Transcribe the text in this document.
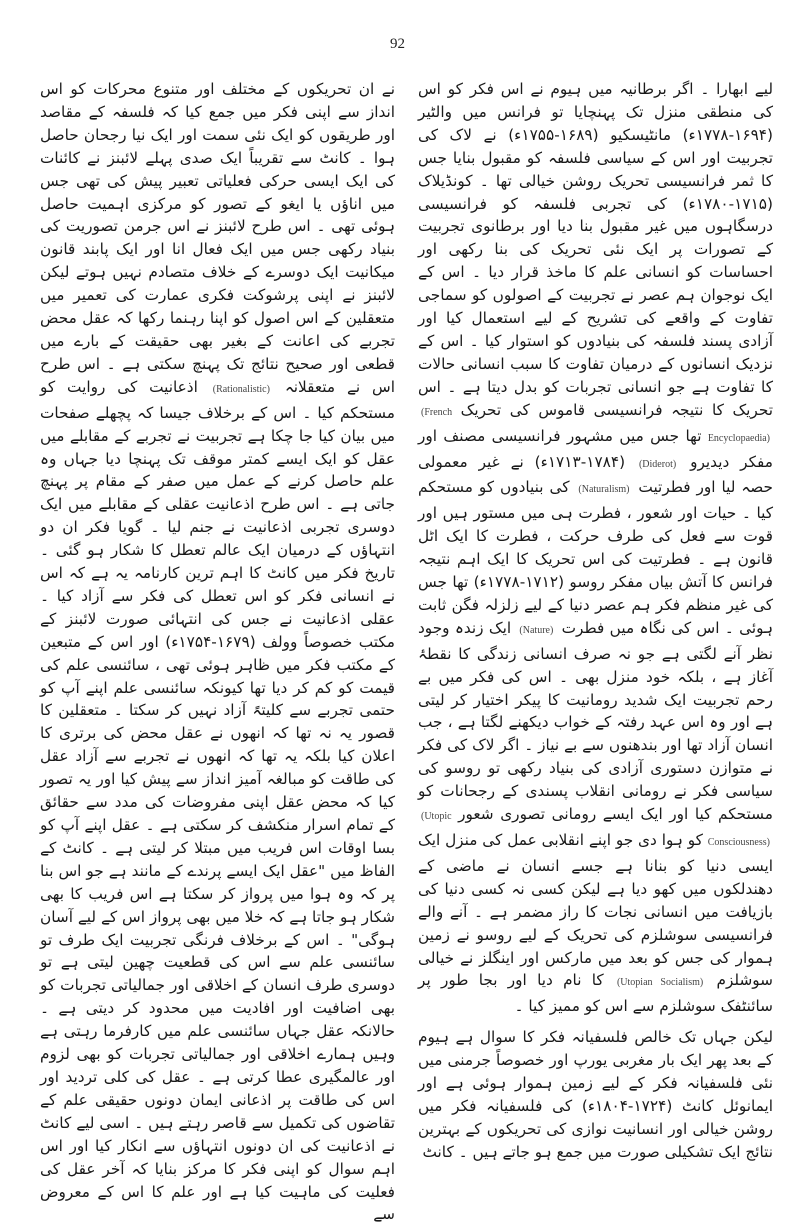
92

لیے ابھارا ۔ اگر برطانیہ میں ہیوم نے اس فکر کو اس کی منطقی منزل تک پہنچایا تو فرانس میں والٹیر (۱۶۹۴-۱۷۷۸ء) مانٹیسکیو (۱۶۸۹-۱۷۵۵ء) نے لاک کی تجربیت اور اس کے سیاسی فلسفہ کو مقبول بنایا جس کا ثمر فرانسیسی تحریک روشن خیالی تھا ۔ کونڈیلاک (۱۷۱۵-۱۷۸۰ء) کی تجربی فلسفہ کو فرانسیسی درسگاہوں میں غیر مقبول بنا دیا اور برطانوی تجربیت کے تصورات پر ایک نئی تحریک کی بنا رکھی اور احساسات کو انسانی علم کا ماخذ قرار دیا ۔ اس کے ایک نوجوان ہم عصر نے تجربیت کے اصولوں کو سماجی تفاوت کے واقعے کی تشریح کے لیے استعمال کیا اور آزادی پسند فلسفہ کی بنیادوں کو استوار کیا ۔ اس کے نزدیک انسانوں کے درمیان تفاوت کا سبب انسانی حالات کا تفاوت ہے جو انسانی تجربات کو بدل دیتا ہے ۔ اس تحریک کا نتیجہ فرانسیسی قاموس کی تحریک (French Encyclopaedia) تھا جس میں مشہور فرانسیسی مصنف اور مفکر دیدیرو (Diderot) (۱۷۱۳-۱۷۸۴ء) نے غیر معمولی حصہ لیا اور فطرتیت (Naturalism) کی بنیادوں کو مستحکم کیا ۔ حیات اور شعور ، فطرت ہی میں مستور ہیں اور قوت سے فعل کی طرف حرکت ، فطرت کا ایک اٹل قانون ہے ۔ فطرتیت کی اس تحریک کا ایک اہم نتیجہ فرانس کا آتش بیاں مفکر روسو (۱۷۱۲-۱۷۷۸ء) تھا جس کی غیر منظم فکر ہم عصر دنیا کے لیے زلزلہ فگن ثابت ہوئی ۔ اس کی نگاہ میں فطرت (Nature) ایک زندہ وجود نظر آنے لگتی ہے جو نہ صرف انسانی زندگی کا نقطۂ آغاز ہے ، بلکہ خود منزل بھی ۔ اس کی فکر میں بے رحم تجربیت ایک شدید رومانیت کا پیکر اختیار کر لیتی ہے اور وہ اس عہد رفتہ کے خواب دیکھنے لگتا ہے ، جب انسان آزاد تھا اور بندھنوں سے بے نیاز ۔ اگر لاک کی فکر نے متوازن دستوری آزادی کی بنیاد رکھی تو روسو کی سیاسی فکر نے رومانی انقلاب پسندی کے رجحانات کو مستحکم کیا اور ایک ایسے رومانی تصوری شعور (Utopic Consciousness) کو ہوا دی جو اپنے انقلابی عمل کی منزل ایک ایسی دنیا کو بنانا ہے جسے انسان نے ماضی کے دھندلکوں میں کھو دیا ہے لیکن کسی نہ کسی دنیا کی بازیافت میں انسانی نجات کا راز مضمر ہے ۔ آنے والے فرانسیسی سوشلزم کی تحریک کے لیے روسو نے زمین ہموار کی جس کو بعد میں مارکس اور اینگلز نے خیالی سوشلزم (Utopian Socialism) کا نام دیا اور بجا طور پر سائنٹفک سوشلزم سے اس کو ممیز کیا ۔

لیکن جہاں تک خالص فلسفیانہ فکر کا سوال ہے ہیوم کے بعد پھر ایک بار مغربی یورپ اور خصوصاً جرمنی میں نئی فلسفیانہ فکر کے لیے زمین ہموار ہوئی ہے اور ایمانوئل کانٹ (۱۷۲۴-۱۸۰۴ء) کی فلسفیانہ فکر میں روشن خیالی اور انسانیت نوازی کی تحریکوں کے بہترین نتائج ایک تشکیلی صورت میں جمع ہو جاتے ہیں ۔ کانٹ

نے ان تحریکوں کے مختلف اور متنوع محرکات کو اس انداز سے اپنی فکر میں جمع کیا کہ فلسفہ کے مقاصد اور طریقوں کو ایک نئی سمت اور ایک نیا رجحان حاصل ہوا ۔ کانٹ سے تقریباً ایک صدی پہلے لائبنز نے کائنات کی ایک ایسی حرکی فعلیاتی تعبیر پیش کی تھی جس میں اناؤں یا ایغو کے تصور کو مرکزی اہمیت حاصل ہوئی تھی ۔ اس طرح لائبنز نے اس جرمن تصوریت کی بنیاد رکھی جس میں ایک فعال انا اور ایک پابند قانون میکانیت ایک دوسرے کے خلاف متصادم نہیں ہوتے لیکن لائبنز نے اپنی پرشوکت فکری عمارت کی تعمیر میں متعقلین کے اس اصول کو اپنا رہنما رکھا کہ عقل محض تجربے کی اعانت کے بغیر بھی حقیقت کے بارے میں قطعی اور صحیح نتائج تک پہنچ سکتی ہے ۔ اس طرح اس نے متعقلانہ (Rationalistic) اذعانیت کی روایت کو مستحکم کیا ۔ اس کے برخلاف جیسا کہ پچھلے صفحات میں بیان کیا جا چکا ہے تجربیت نے تجربے کے مقابلے میں عقل کو ایک ایسے کمتر موقف تک پہنچا دیا جہاں وہ علم حاصل کرنے کے عمل میں صفر کے مقام پر پہنچ جاتی ہے ۔ اس طرح اذعانیت عقلی کے مقابلے میں ایک دوسری تجربی اذعانیت نے جنم لیا ۔ گویا فکر ان دو انتہاؤں کے درمیان ایک عالم تعطل کا شکار ہو گئی ۔ تاریخ فکر میں کانٹ کا اہم ترین کارنامہ یہ ہے کہ اس نے انسانی فکر کو اس تعطل کی فکر سے آزاد کیا ۔ عقلی اذعانیت نے جس کی انتہائی صورت لائبنز کے مکتب خصوصاً وولف (۱۶۷۹-۱۷۵۴ء) اور اس کے متبعین کے مکتب فکر میں ظاہر ہوئی تھی ، سائنسی علم کی قیمت کو کم کر دیا تھا کیونکہ سائنسی علم اپنے آپ کو حتمی تجربے سے کلیتہً آزاد نہیں کر سکتا ۔ متعقلین کا قصور یہ نہ تھا کہ انھوں نے عقل محض کی برتری کا اعلان کیا بلکہ یہ تھا کہ انھوں نے تجربے سے آزاد عقل کی طاقت کو مبالغہ آمیز انداز سے پیش کیا اور یہ تصور کیا کہ محض عقل اپنی مفروضات کی مدد سے حقائق کے تمام اسرار منکشف کر سکتی ہے ۔ عقل اپنے آپ کو بسا اوقات اس فریب میں مبتلا کر لیتی ہے ۔ کانٹ کے الفاظ میں "عقل ایک ایسے پرندے کے مانند ہے جو اس بنا پر کہ وہ ہوا میں پرواز کر سکتا ہے اس فریب کا بھی شکار ہو جاتا ہے کہ خلا میں بھی پرواز اس کے لیے آسان ہوگی" ۔ اس کے برخلاف فرنگی تجربیت ایک طرف تو سائنسی علم سے اس کی قطعیت چھین لیتی ہے تو دوسری طرف انسان کے اخلاقی اور جمالیاتی تجربات کو بھی اضافیت اور افادیت میں محدود کر دیتی ہے ۔ حالانکہ عقل جہاں سائنسی علم میں کارفرما رہتی ہے وہیں ہمارے اخلاقی اور جمالیاتی تجربات کو بھی لزوم اور عالمگیری عطا کرتی ہے ۔ عقل کی کلی تردید اور اس کی طاقت پر اذعانی ایمان دونوں حقیقی علم کے تقاضوں کی تکمیل سے قاصر رہتے ہیں ۔ اسی لیے کانٹ نے اذعانیت کی ان دونوں انتہاؤں سے انکار کیا اور اس اہم سوال کو اپنی فکر کا مرکز بنایا کہ آخر عقل کی فعلیت کی ماہیت کیا ہے اور علم کا اس کے معروض سے
